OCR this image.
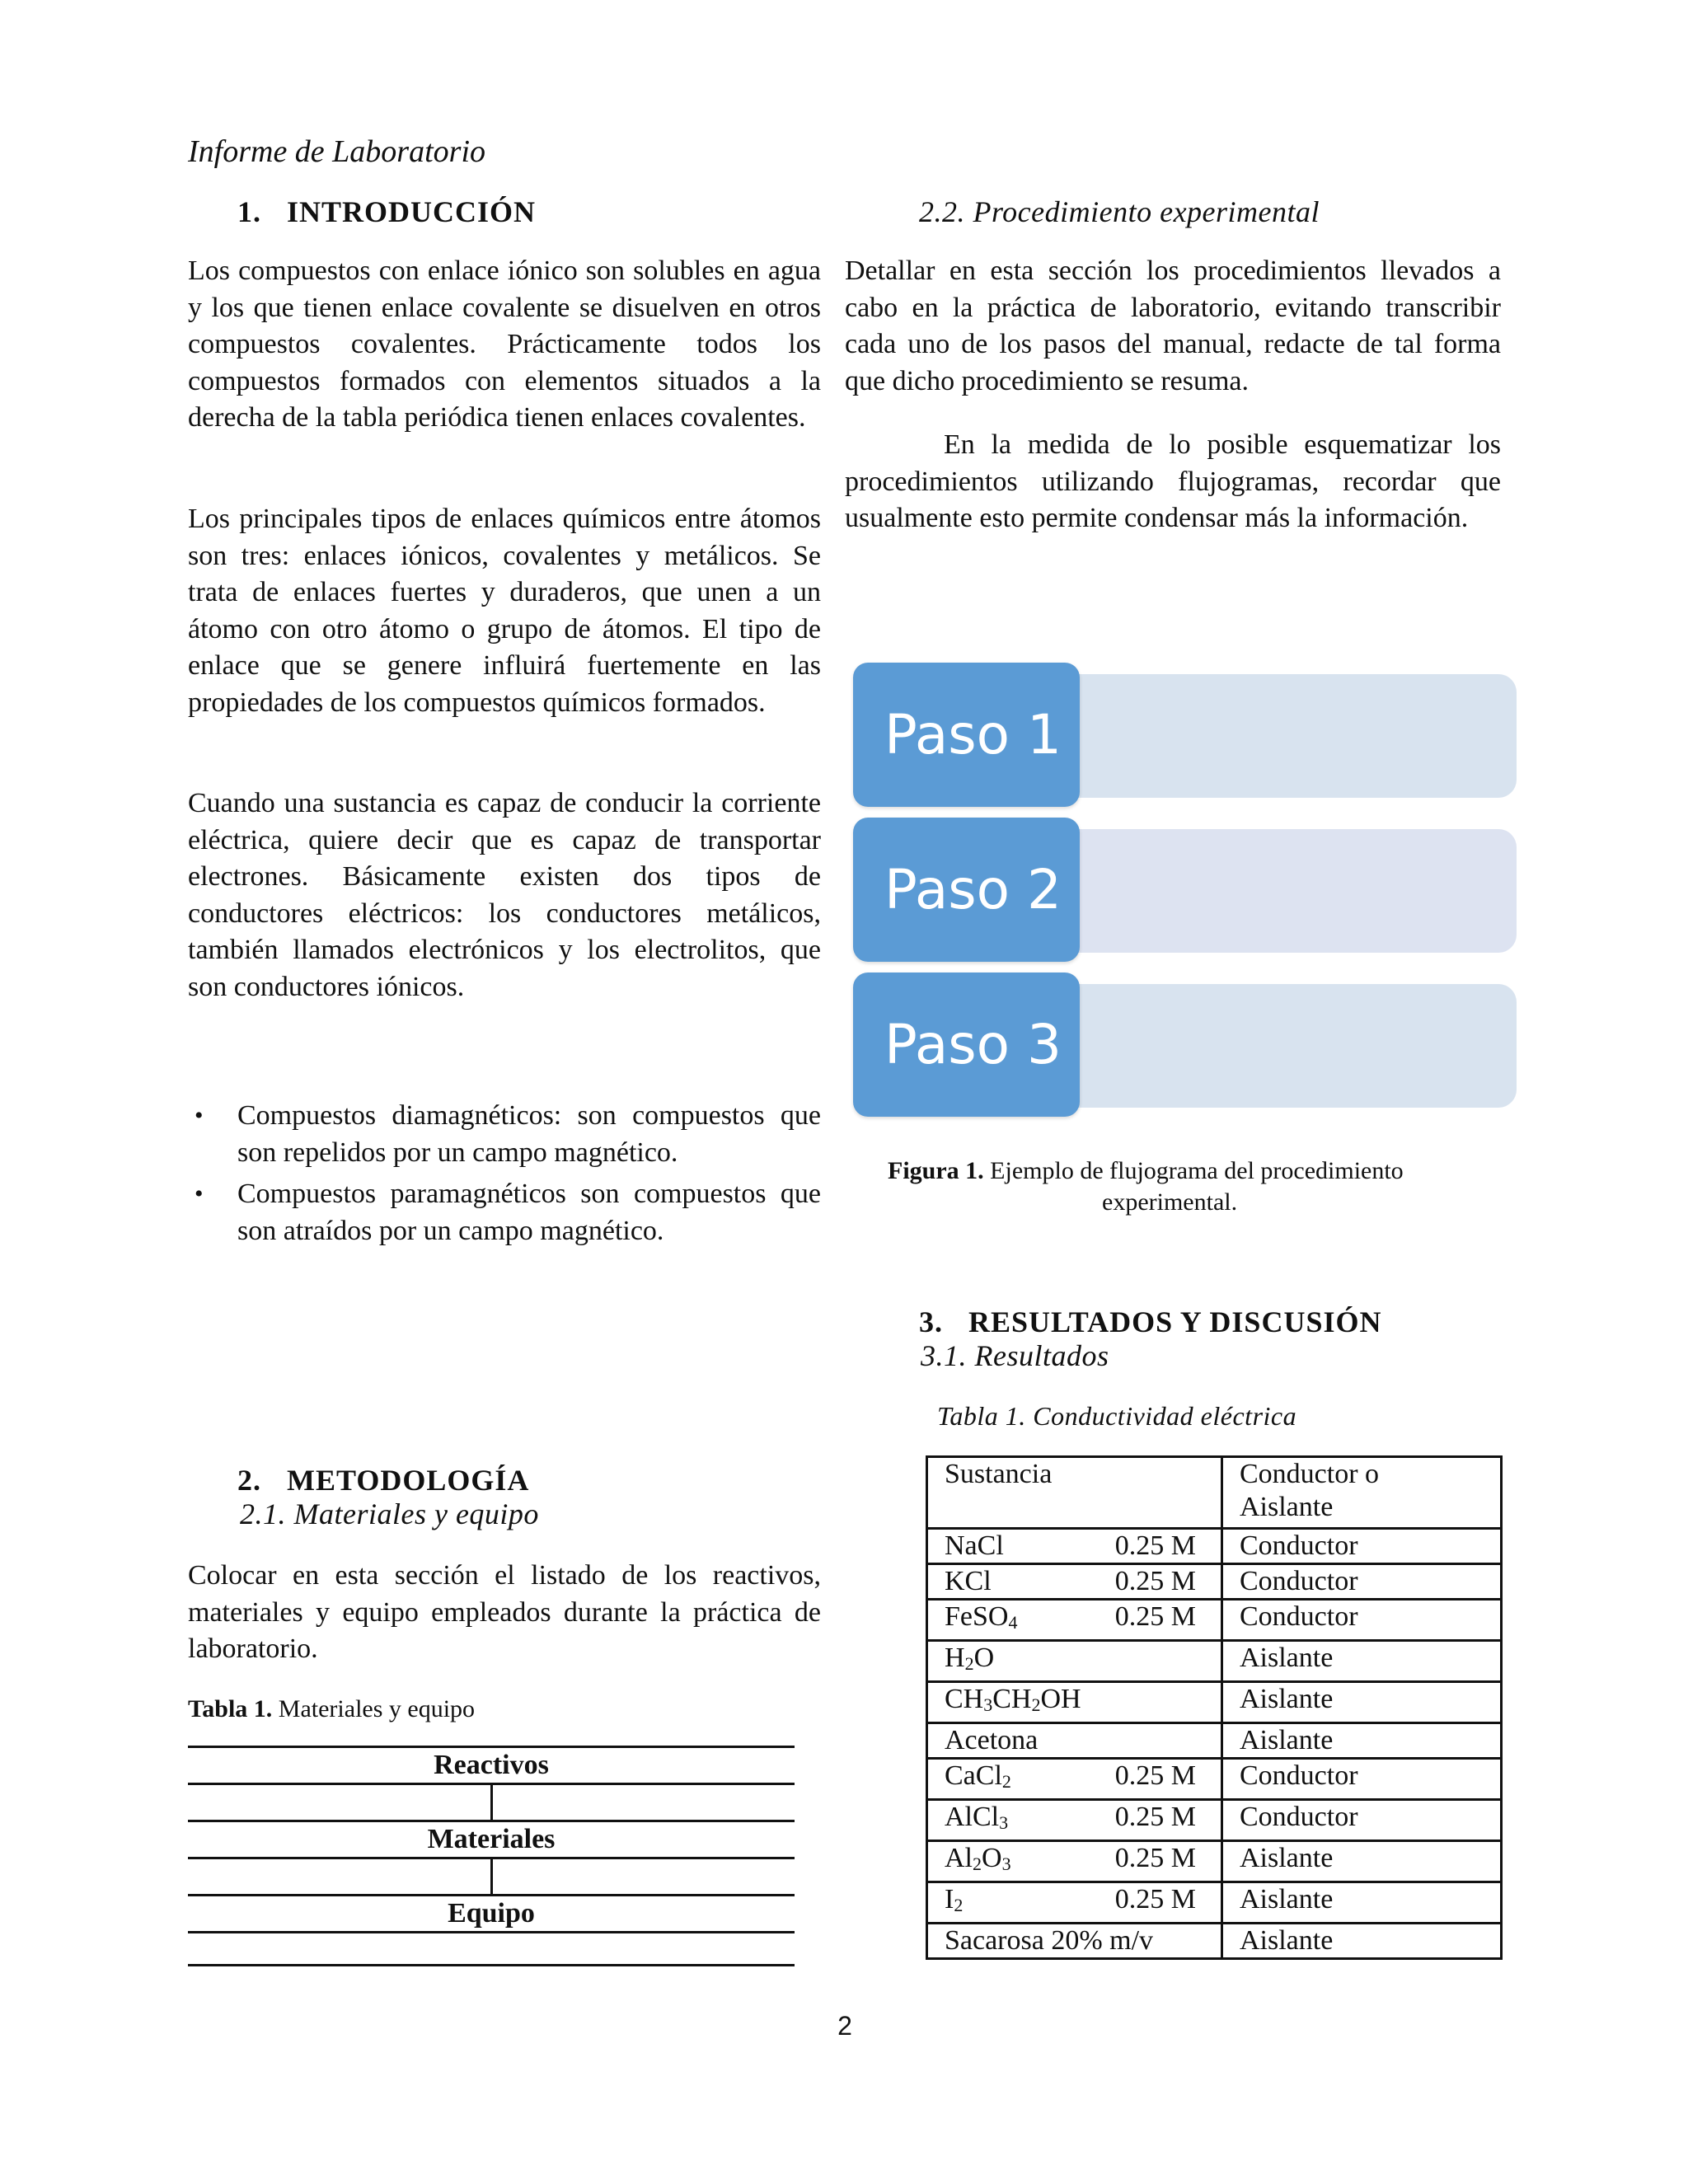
Informe de Laboratorio
1. INTRODUCCIÓN
Los compuestos con enlace iónico son solubles en agua y los que tienen enlace covalente se disuelven en otros compuestos covalentes. Prácticamente todos los compuestos formados con elementos situados a la derecha de la tabla periódica tienen enlaces covalentes.
Los principales tipos de enlaces químicos entre átomos son tres: enlaces iónicos, covalentes y metálicos. Se trata de enlaces fuertes y duraderos, que unen a un átomo con otro átomo o grupo de átomos. El tipo de enlace que se genere influirá fuertemente en las propiedades de los compuestos químicos formados.
Cuando una sustancia es capaz de conducir la corriente eléctrica, quiere decir que es capaz de transportar electrones. Básicamente existen dos tipos de conductores eléctricos: los conductores metálicos, también llamados electrónicos y los electrolitos, que son conductores iónicos.
• Compuestos diamagnéticos: son compuestos que son repelidos por un campo magnético.
• Compuestos paramagnéticos son compuestos que son atraídos por un campo magnético.
2. METODOLOGÍA
2.1. Materiales y equipo
Colocar en esta sección el listado de los reactivos, materiales y equipo empleados durante la práctica de laboratorio.
Tabla 1. Materiales y equipo
Reactivos	

Materiales	

Equipo	

2.2. Procedimiento experimental
Detallar en esta sección los procedimientos llevados a cabo en la práctica de laboratorio, evitando transcribir cada uno de los pasos del manual, redacte de tal forma que dicho procedimiento se resuma.
En la medida de lo posible esquematizar los procedimientos utilizando flujogramas, recordar que usualmente esto permite condensar más la información.
Paso 1
Paso 2
Paso 3
Figura 1. Ejemplo de flujograma del procedimiento
experimental.
3. RESULTADOS Y DISCUSIÓN
3.1. Resultados
Tabla 1. Conductividad eléctrica
Sustancia	Conductor o
Aislante

NaCl 0.25 M	Conductor
KCl 0.25 M	Conductor
FeSO$_4$ 0.25 M	Conductor
$H_2O$	Aislante
$CH_3CH_2OH$	Aislante
Acetona	Aislante
CaCl$_2$ 0.25 M	Conductor
AlCl$_3$ 0.25 M	Conductor
$Al_2O_3$ 0.25 M	Aislante
$I_2$ 0.25 M	Aislante
Sacarosa 20% m/v	Aislante
2
